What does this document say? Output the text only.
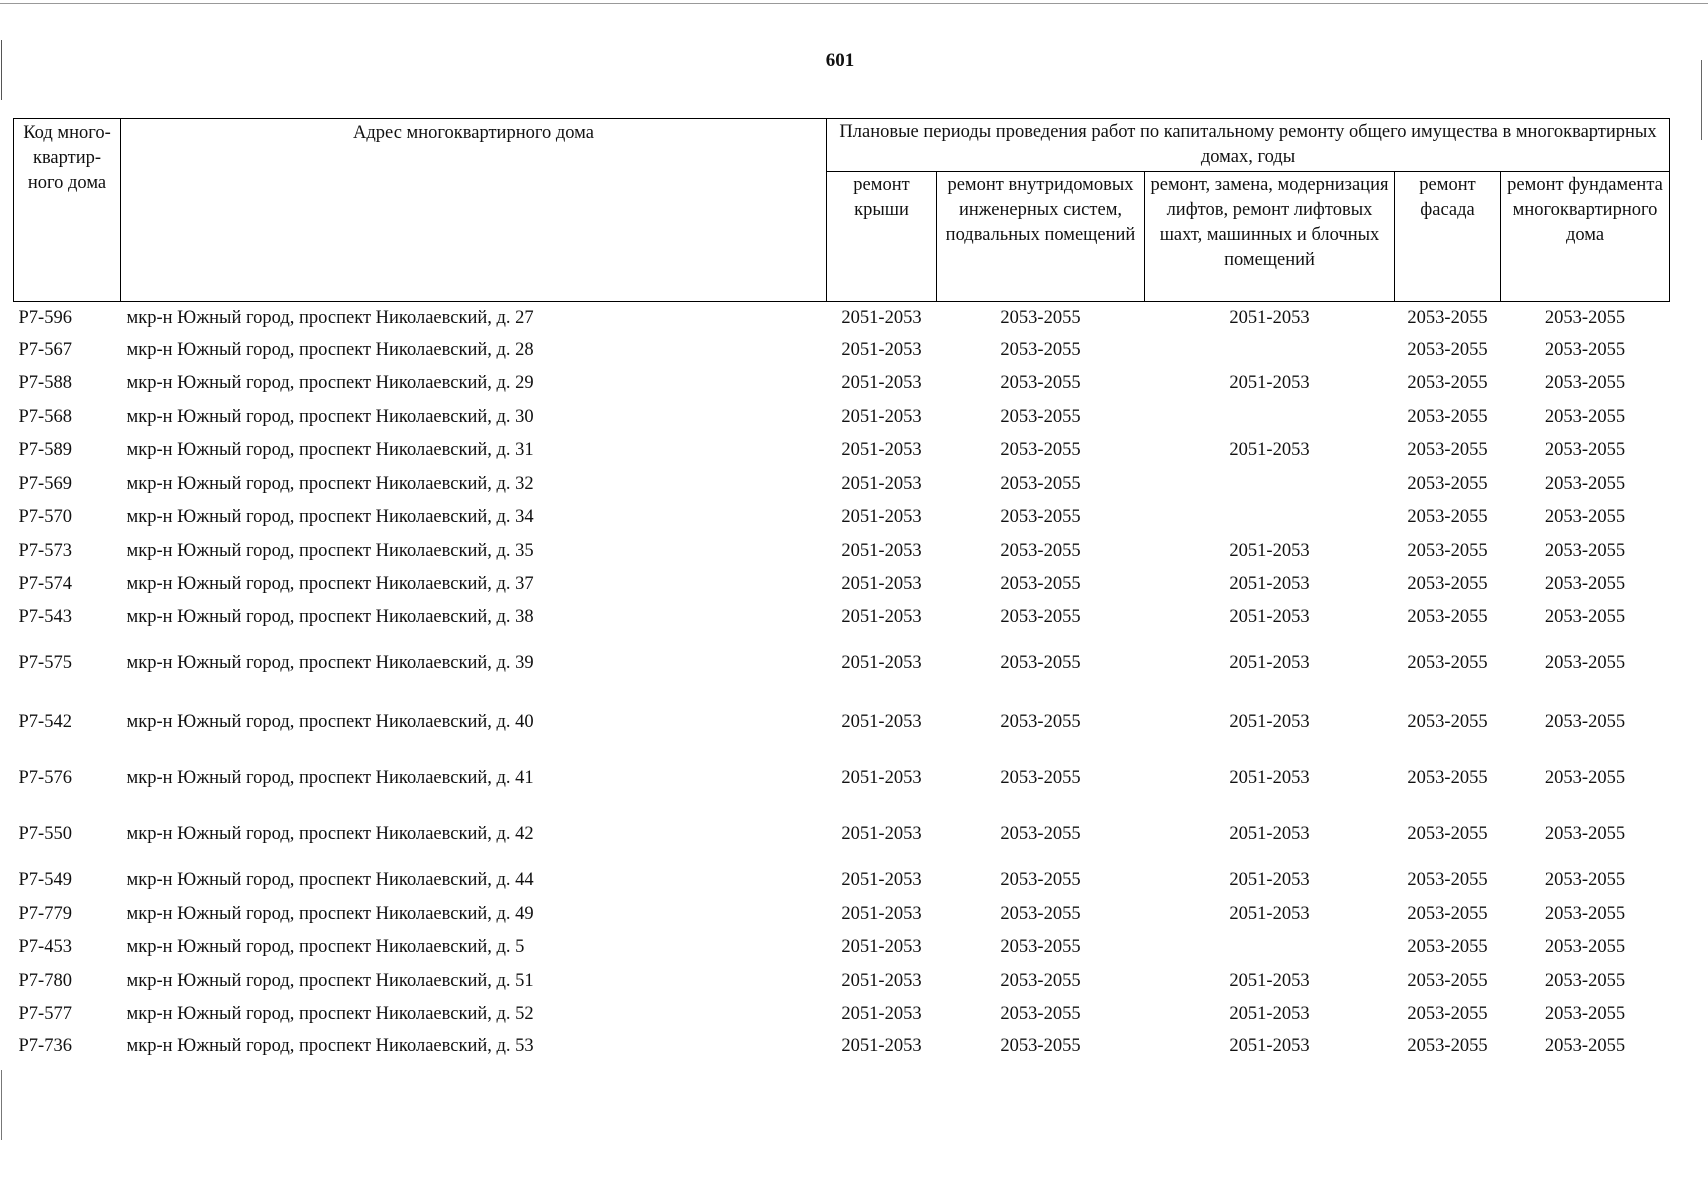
601
Код много-квартир-ного дома	Адрес многоквартирного дома	Плановые периоды проведения работ по капитальному ремонту общего имущества в многоквартирных домах, годы				
		ремонт крыши	ремонт внутридомовых инженерных систем, подвальных помещений	ремонт, замена, модернизация лифтов, ремонт лифтовых шахт, машинных и блочных помещений	ремонт фасада	ремонт фундамента многоквартирного дома
Р7-596	мкр-н Южный город, проспект Николаевский, д. 27	2051-2053	2053-2055	2051-2053	2053-2055	2053-2055
Р7-567	мкр-н Южный город, проспект Николаевский, д. 28	2051-2053	2053-2055		2053-2055	2053-2055
Р7-588	мкр-н Южный город, проспект Николаевский, д. 29	2051-2053	2053-2055	2051-2053	2053-2055	2053-2055
Р7-568	мкр-н Южный город, проспект Николаевский, д. 30	2051-2053	2053-2055		2053-2055	2053-2055
Р7-589	мкр-н Южный город, проспект Николаевский, д. 31	2051-2053	2053-2055	2051-2053	2053-2055	2053-2055
Р7-569	мкр-н Южный город, проспект Николаевский, д. 32	2051-2053	2053-2055		2053-2055	2053-2055
Р7-570	мкр-н Южный город, проспект Николаевский, д. 34	2051-2053	2053-2055		2053-2055	2053-2055
Р7-573	мкр-н Южный город, проспект Николаевский, д. 35	2051-2053	2053-2055	2051-2053	2053-2055	2053-2055
Р7-574	мкр-н Южный город, проспект Николаевский, д. 37	2051-2053	2053-2055	2051-2053	2053-2055	2053-2055
Р7-543	мкр-н Южный город, проспект Николаевский, д. 38	2051-2053	2053-2055	2051-2053	2053-2055	2053-2055
Р7-575	мкр-н Южный город, проспект Николаевский, д. 39	2051-2053	2053-2055	2051-2053	2053-2055	2053-2055
Р7-542	мкр-н Южный город, проспект Николаевский, д. 40	2051-2053	2053-2055	2051-2053	2053-2055	2053-2055
Р7-576	мкр-н Южный город, проспект Николаевский, д. 41	2051-2053	2053-2055	2051-2053	2053-2055	2053-2055
Р7-550	мкр-н Южный город, проспект Николаевский, д. 42	2051-2053	2053-2055	2051-2053	2053-2055	2053-2055
Р7-549	мкр-н Южный город, проспект Николаевский, д. 44	2051-2053	2053-2055	2051-2053	2053-2055	2053-2055
Р7-779	мкр-н Южный город, проспект Николаевский, д. 49	2051-2053	2053-2055	2051-2053	2053-2055	2053-2055
Р7-453	мкр-н Южный город, проспект Николаевский, д. 5	2051-2053	2053-2055		2053-2055	2053-2055
Р7-780	мкр-н Южный город, проспект Николаевский, д. 51	2051-2053	2053-2055	2051-2053	2053-2055	2053-2055
Р7-577	мкр-н Южный город, проспект Николаевский, д. 52	2051-2053	2053-2055	2051-2053	2053-2055	2053-2055
Р7-736	мкр-н Южный город, проспект Николаевский, д. 53	2051-2053	2053-2055	2051-2053	2053-2055	2053-2055
